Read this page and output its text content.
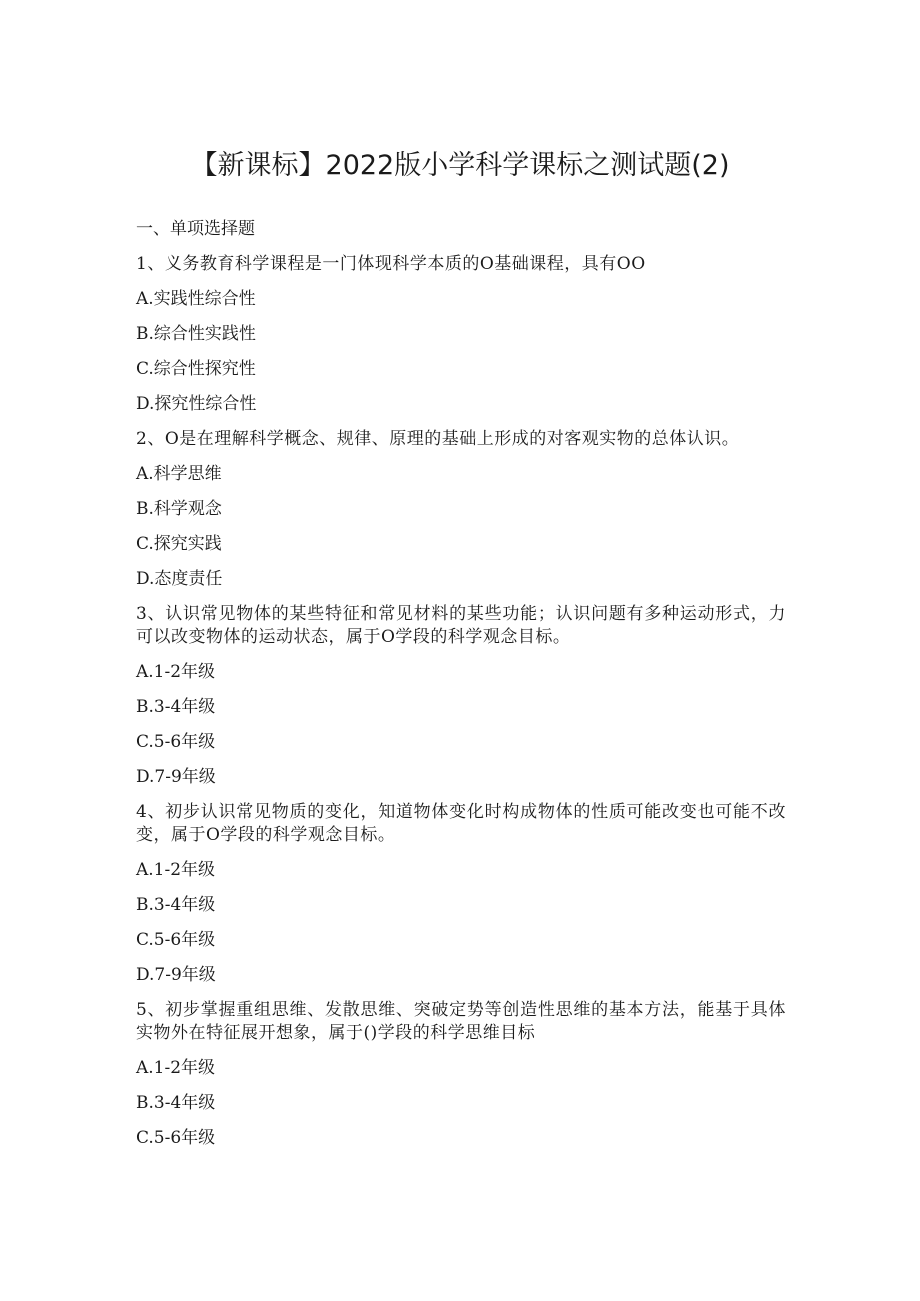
【新课标】2022版小学科学课标之测试题(2)

一、单项选择题

1、义务教育科学课程是一门体现科学本质的O基础课程，具有OO

A.实践性综合性

B.综合性实践性

C.综合性探究性

D.探究性综合性

2、O是在理解科学概念、规律、原理的基础上形成的对客观实物的总体认识。

A.科学思维

B.科学观念

C.探究实践

D.态度责任

3、认识常见物体的某些特征和常见材料的某些功能；认识问题有多种运动形式，力可以改变物体的运动状态，属于O学段的科学观念目标。

A.1-2年级

B.3-4年级

C.5-6年级

D.7-9年级

4、初步认识常见物质的变化，知道物体变化时构成物体的性质可能改变也可能不改变，属于O学段的科学观念目标。

A.1-2年级

B.3-4年级

C.5-6年级

D.7-9年级

5、初步掌握重组思维、发散思维、突破定势等创造性思维的基本方法，能基于具体实物外在特征展开想象，属于()学段的科学思维目标

A.1-2年级

B.3-4年级

C.5-6年级
